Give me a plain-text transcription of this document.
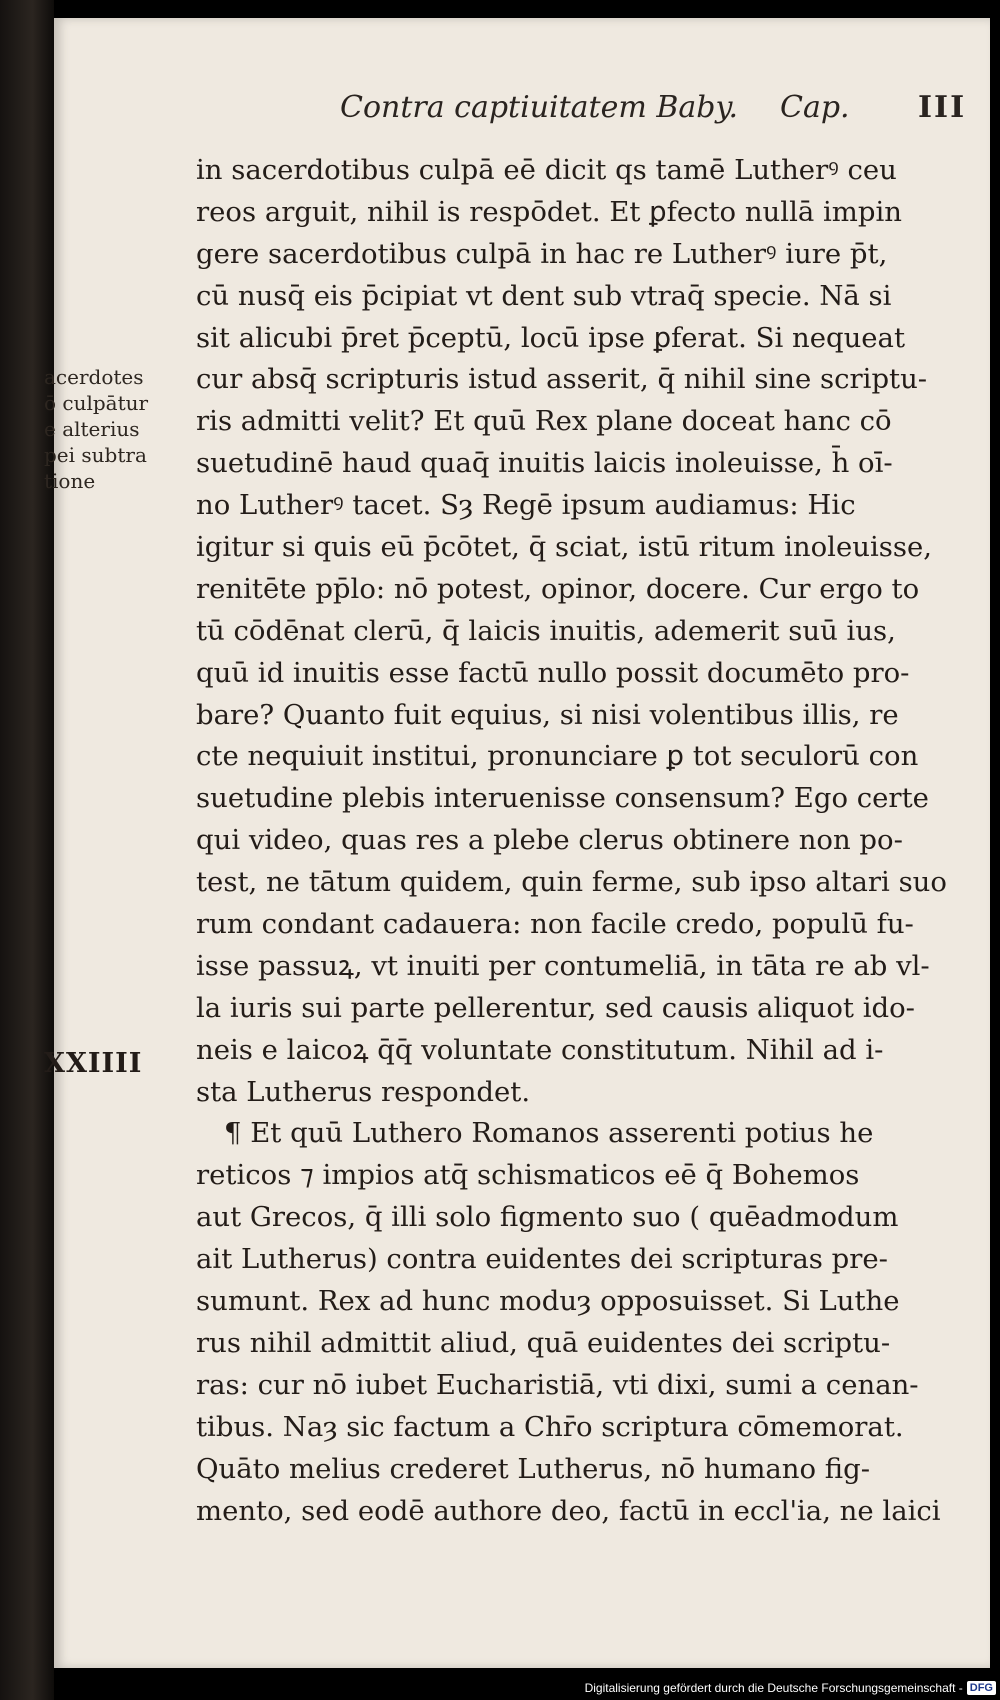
Contra captiuitatem Baby. Cap. III
acerdotes
ō culpātur
e alterius
pei subtra
tione
XXIIII
in sacerdotibus culpā eē dicit qs tamē Lutherꝰ ceu
reos arguit, nihil is respōdet. Et ꝑfecto nullā impin
gere sacerdotibus culpā in hac re Lutherꝰ iure p̄t,
cū nusq̄ eis p̄cipiat vt dent sub vtraq̄ specie. Nā si
sit alicubi p̄ret p̄ceptū, locū ipse ꝑferat. Si nequeat
cur absq̄ scripturis istud asserit, q̄ nihil sine scriptu-
ris admitti velit? Et quū Rex plane doceat hanc cō
suetudinē haud quaq̄ inuitis laicis inoleuisse, h̄ oī-
no Lutherꝰ tacet. Sȝ Regē ipsum audiamus: Hic
igitur si quis eū p̄cōtet, q̄ sciat, istū ritum inoleuisse,
renitēte pp̄lo: nō potest, opinor, docere. Cur ergo to
tū cōdēnat clerū, q̄ laicis inuitis, ademerit suū ius,
quū id inuitis esse factū nullo possit documēto pro-
bare? Quanto fuit equius, si nisi volentibus illis, re
cte nequiuit institui, pronunciare ꝑ tot seculorū con
suetudine plebis interuenisse consensum? Ego certe
qui video, quas res a plebe clerus obtinere non po-
test, ne tātum quidem, quin ferme, sub ipso altari suo
rum condant cadauera: non facile credo, populū fu-
isse passuꝝ, vt inuiti per contumeliā, in tāta re ab vl-
la iuris sui parte pellerentur, sed causis aliquot ido-
neis e laicoꝝ q̄q̄ voluntate constitutum. Nihil ad i-
sta Lutherus respondet.
¶ Et quū Luthero Romanos asserenti potius he
reticos ⁊ impios atq̄ schismaticos eē q̄ Bohemos
aut Grecos, q̄ illi solo figmento suo ( quēadmodum
ait Lutherus) contra euidentes dei scripturas pre-
sumunt. Rex ad hunc moduȝ opposuisset. Si Luthe
rus nihil admittit aliud, quā euidentes dei scriptu-
ras: cur nō iubet Eucharistiā, vti dixi, sumi a cenan-
tibus. Naȝ sic factum a Chr̄o scriptura cōmemorat.
Quāto melius crederet Lutherus, nō humano fig-
mento, sed eodē authore deo, factū in eccl'ia, ne laici
Digitalisierung gefördert durch die Deutsche Forschungsgemeinschaft - DFG
